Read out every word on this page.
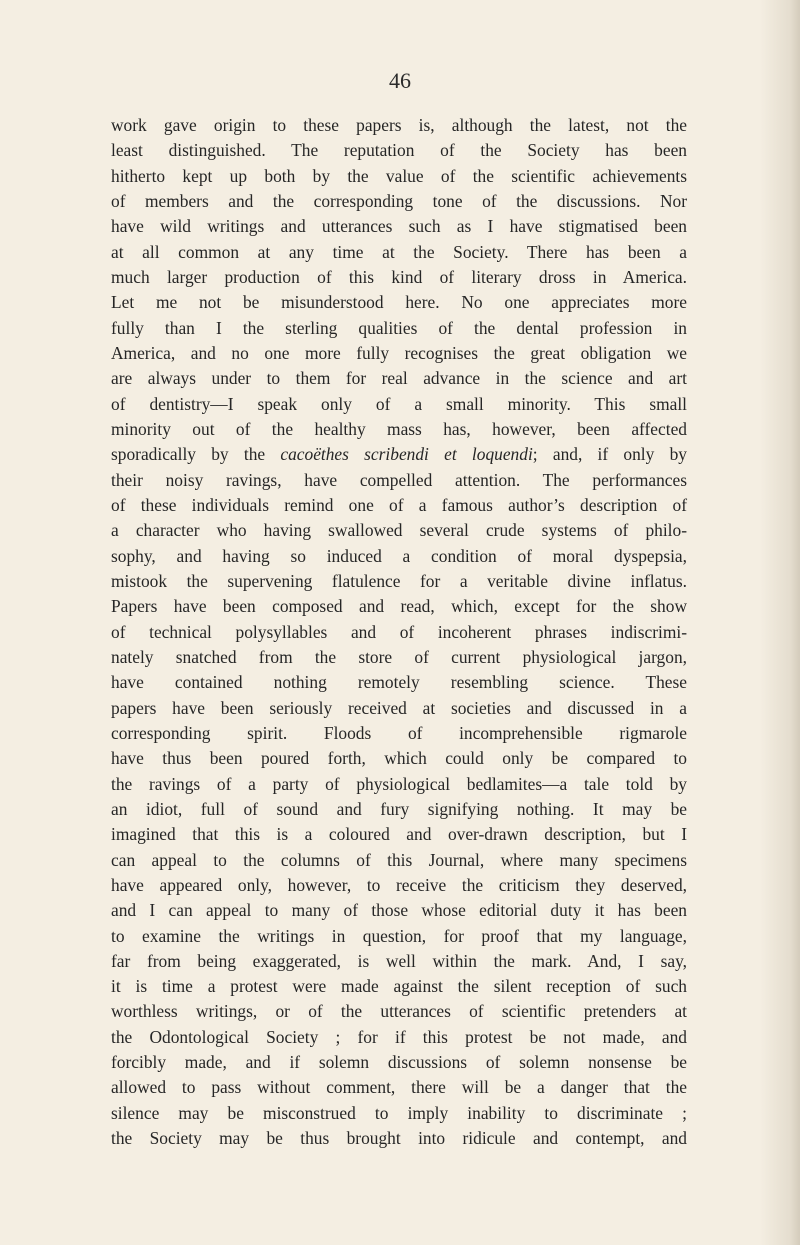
46
work gave origin to these papers is, although the latest, not the
least distinguished. The reputation of the Society has been
hitherto kept up both by the value of the scientific achievements
of members and the corresponding tone of the discussions. Nor
have wild writings and utterances such as I have stigmatised been
at all common at any time at the Society. There has been a
much larger production of this kind of literary dross in America.
Let me not be misunderstood here. No one appreciates more
fully than I the sterling qualities of the dental profession in
America, and no one more fully recognises the great obligation we
are always under to them for real advance in the science and art
of dentistry—I speak only of a small minority. This small
minority out of the healthy mass has, however, been affected
sporadically by the cacoëthes scribendi et loquendi; and, if only by
their noisy ravings, have compelled attention. The performances
of these individuals remind one of a famous author’s description of
a character who having swallowed several crude systems of philo-
sophy, and having so induced a condition of moral dyspepsia,
mistook the supervening flatulence for a veritable divine inflatus.
Papers have been composed and read, which, except for the show
of technical polysyllables and of incoherent phrases indiscrimi-
nately snatched from the store of current physiological jargon,
have contained nothing remotely resembling science. These
papers have been seriously received at societies and discussed in a
corresponding spirit. Floods of incomprehensible rigmarole
have thus been poured forth, which could only be compared to
the ravings of a party of physiological bedlamites—a tale told by
an idiot, full of sound and fury signifying nothing. It may be
imagined that this is a coloured and over-drawn description, but I
can appeal to the columns of this Journal, where many specimens
have appeared only, however, to receive the criticism they deserved,
and I can appeal to many of those whose editorial duty it has been
to examine the writings in question, for proof that my language,
far from being exaggerated, is well within the mark. And, I say,
it is time a protest were made against the silent reception of such
worthless writings, or of the utterances of scientific pretenders at
the Odontological Society ; for if this protest be not made, and
forcibly made, and if solemn discussions of solemn nonsense be
allowed to pass without comment, there will be a danger that the
silence may be misconstrued to imply inability to discriminate ;
the Society may be thus brought into ridicule and contempt, and
